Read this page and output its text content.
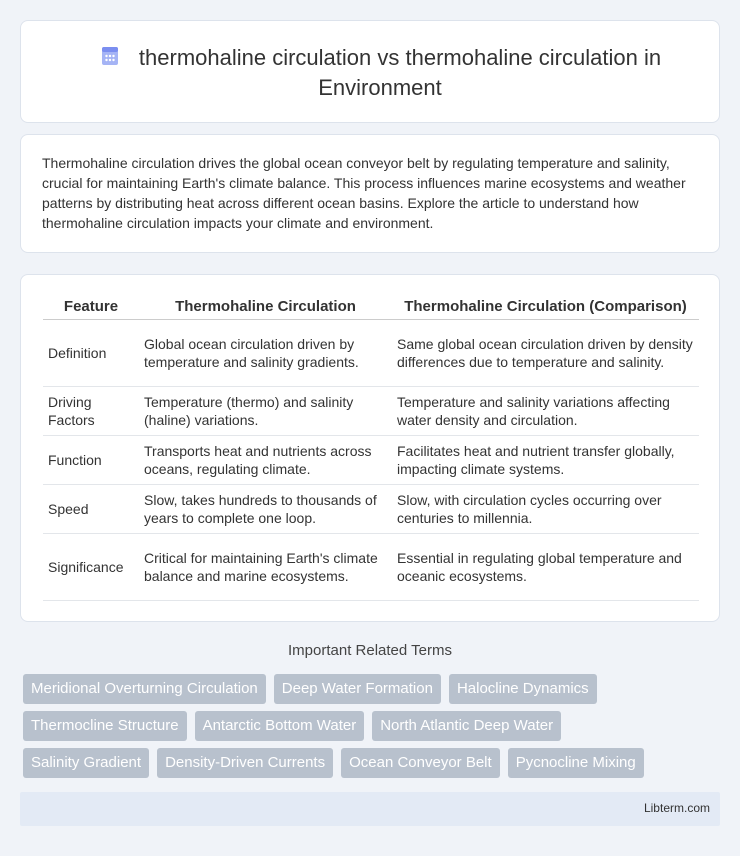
thermohaline circulation vs thermohaline circulation in Environment

Thermohaline circulation drives the global ocean conveyor belt by regulating temperature and salinity, crucial for maintaining Earth's climate balance. This process influences marine ecosystems and weather patterns by distributing heat across different ocean basins. Explore the article to understand how thermohaline circulation impacts your climate and environment.

Feature	Thermohaline Circulation	Thermohaline Circulation (Comparison)
Definition	Global ocean circulation driven by temperature and salinity gradients.	Same global ocean circulation driven by density differences due to temperature and salinity.
Driving Factors	Temperature (thermo) and salinity (haline) variations.	Temperature and salinity variations affecting water density and circulation.
Function	Transports heat and nutrients across oceans, regulating climate.	Facilitates heat and nutrient transfer globally, impacting climate systems.
Speed	Slow, takes hundreds to thousands of years to complete one loop.	Slow, with circulation cycles occurring over centuries to millennia.
Significance	Critical for maintaining Earth's climate balance and marine ecosystems.	Essential in regulating global temperature and oceanic ecosystems.
Important Related Terms
Meridional Overturning Circulation	Deep Water Formation	Halocline Dynamics
Thermocline Structure	Antarctic Bottom Water	North Atlantic Deep Water
Salinity Gradient	Density-Driven Currents	Ocean Conveyor Belt	Pycnocline Mixing
Libterm.com
